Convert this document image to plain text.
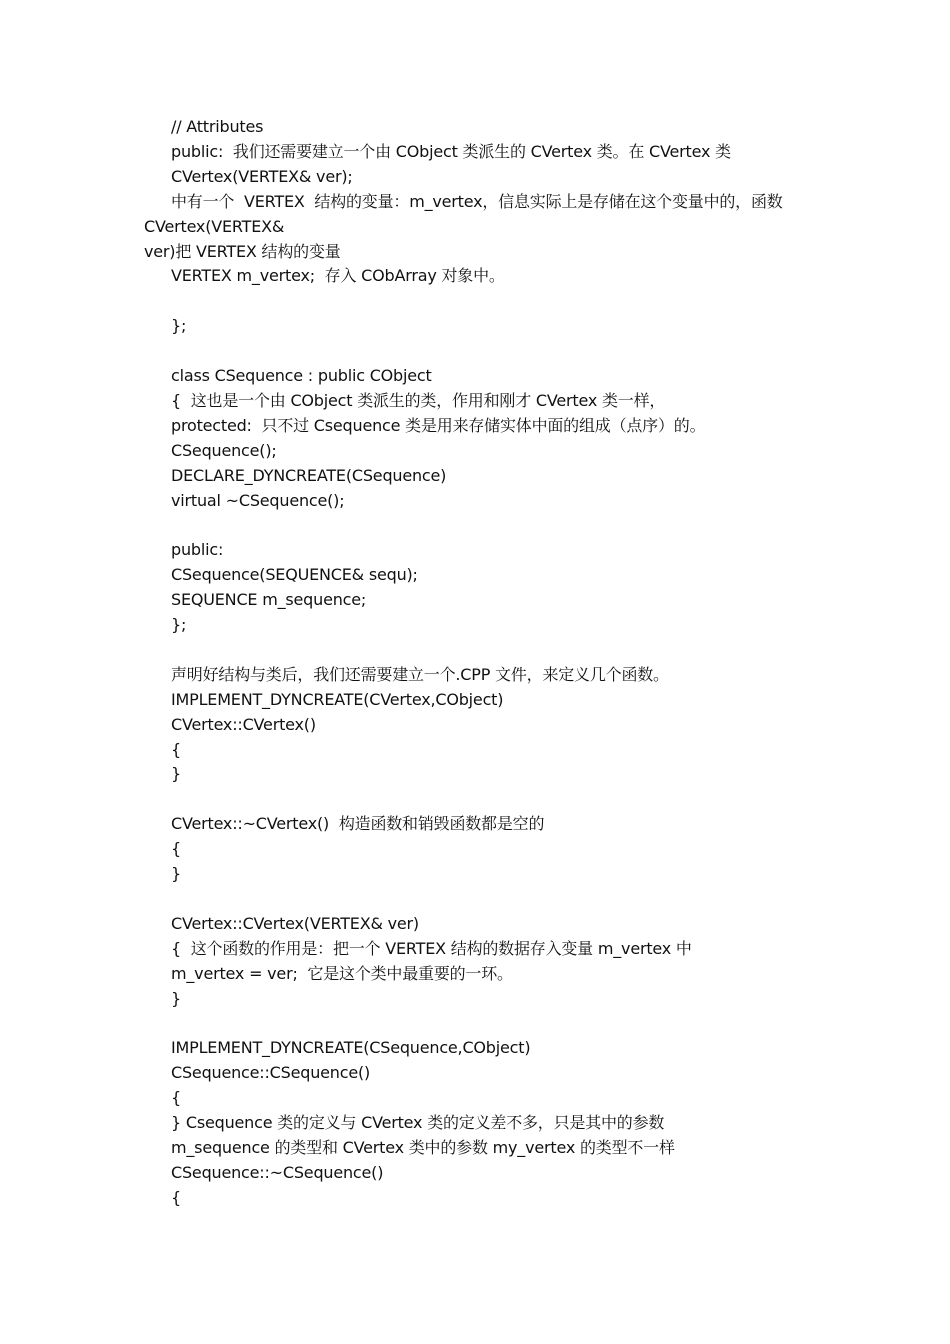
// Attributes
public:  我们还需要建立一个由 CObject 类派生的 CVertex 类。在 CVertex 类
CVertex(VERTEX& ver);
中有一个  VERTEX  结构的变量：m_vertex，信息实际上是存储在这个变量中的，函数
CVertex(VERTEX&
ver)把 VERTEX 结构的变量
VERTEX m_vertex;  存入 CObArray 对象中。
};
class CSequence : public CObject
{  这也是一个由 CObject 类派生的类，作用和刚才 CVertex 类一样，
protected:  只不过 Csequence 类是用来存储实体中面的组成（点序）的。
CSequence();
DECLARE_DYNCREATE(CSequence)
virtual ~CSequence();
public:
CSequence(SEQUENCE& sequ);
SEQUENCE m_sequence;
};
声明好结构与类后，我们还需要建立一个.CPP 文件，来定义几个函数。
IMPLEMENT_DYNCREATE(CVertex,CObject)
CVertex::CVertex()
{
}
CVertex::~CVertex()  构造函数和销毁函数都是空的
{
}
CVertex::CVertex(VERTEX& ver)
{  这个函数的作用是：把一个 VERTEX 结构的数据存入变量 m_vertex 中
m_vertex = ver;  它是这个类中最重要的一环。
}
IMPLEMENT_DYNCREATE(CSequence,CObject)
CSequence::CSequence()
{
} Csequence 类的定义与 CVertex 类的定义差不多，只是其中的参数
m_sequence 的类型和 CVertex 类中的参数 my_vertex 的类型不一样
CSequence::~CSequence()
{
